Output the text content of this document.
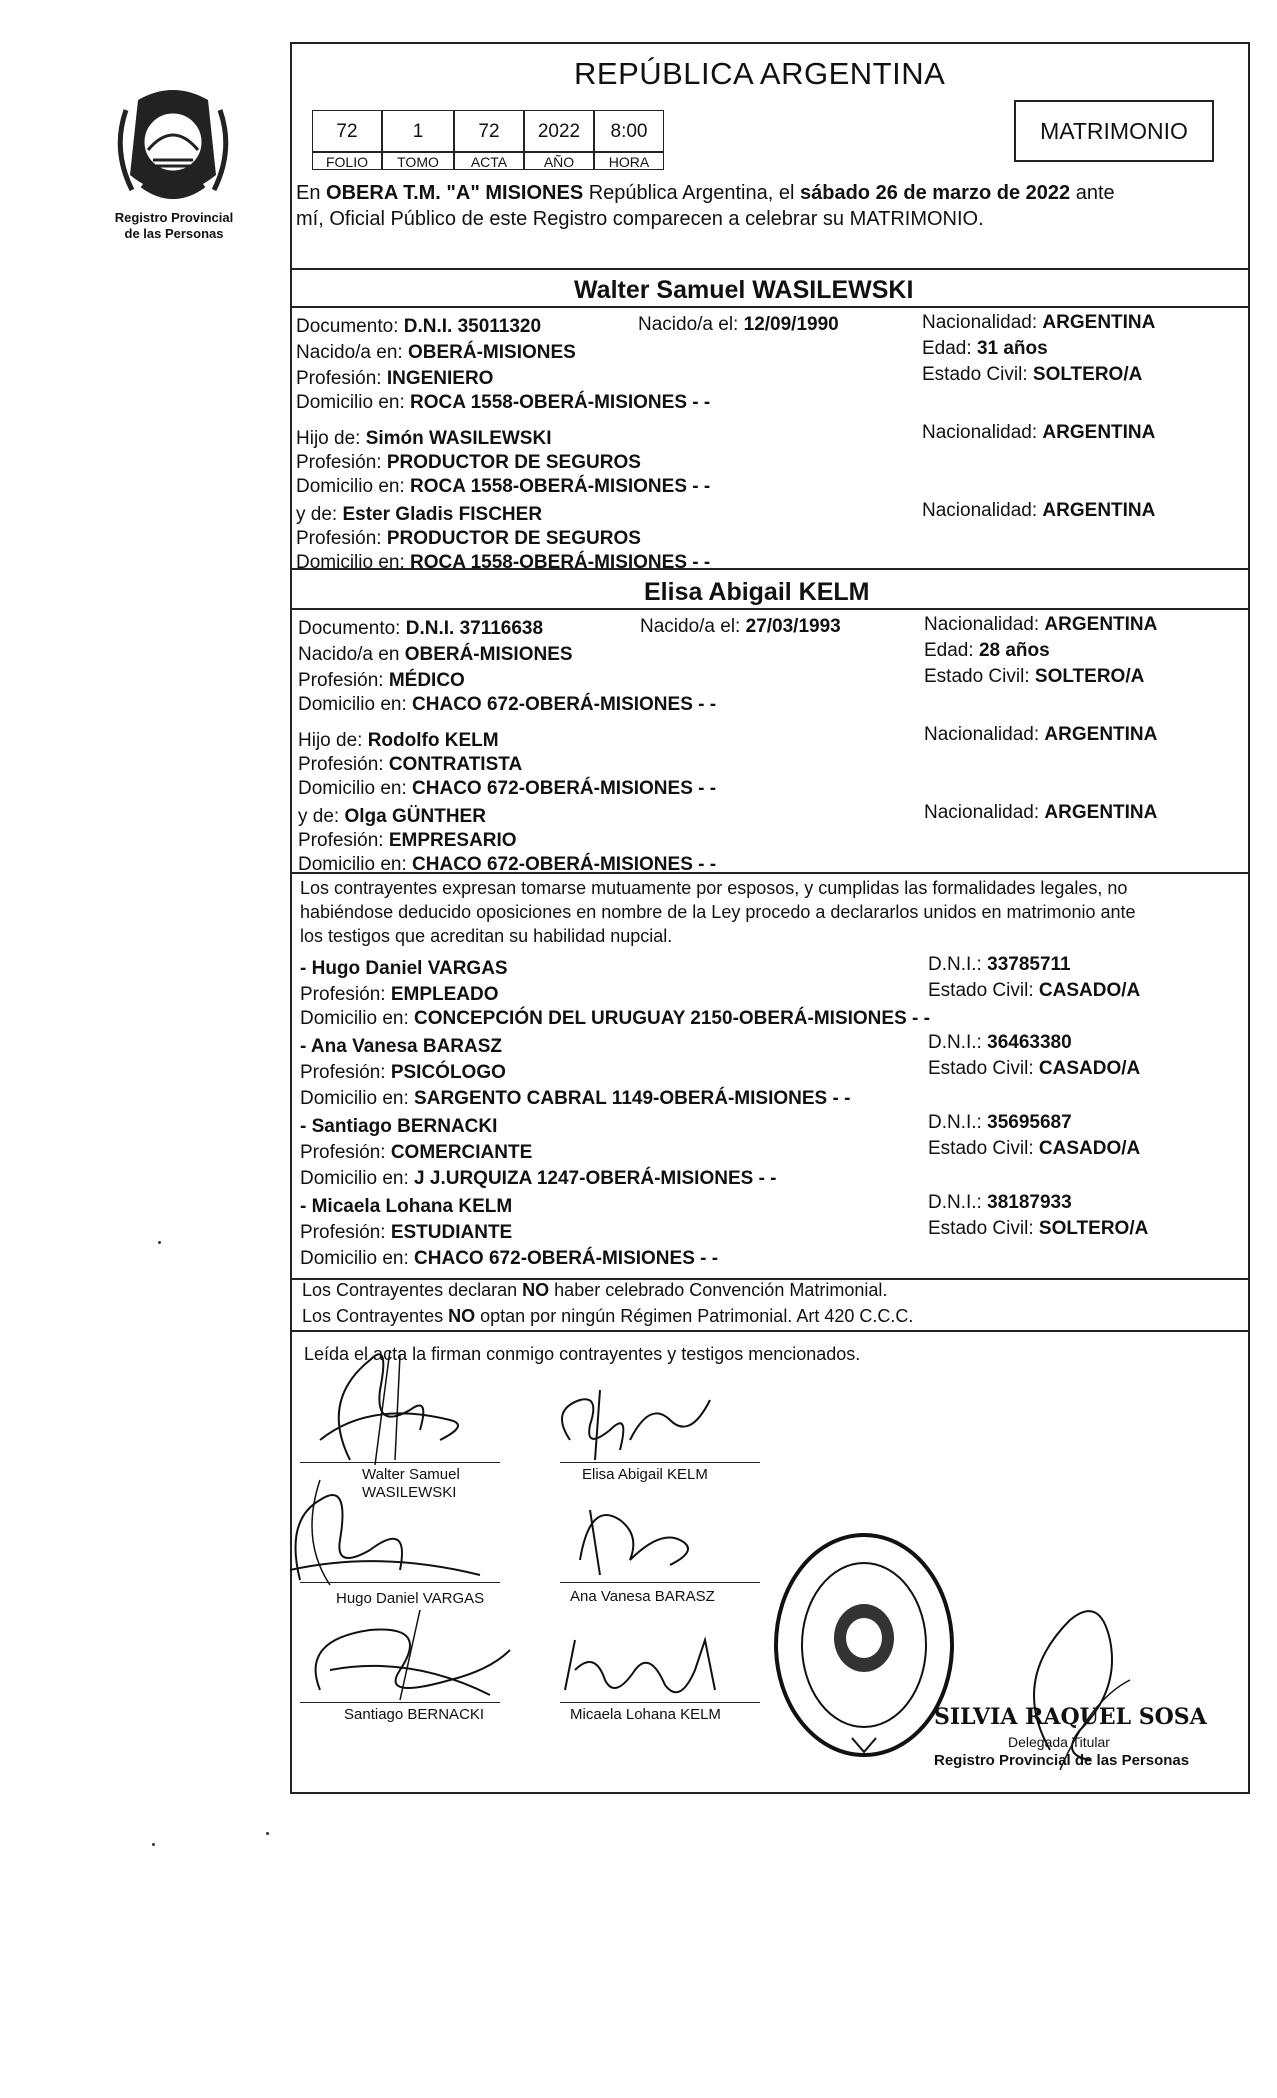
Registro Provincial
de las Personas
REPÚBLICA ARGENTINA
72	1	72	2022	8:00
FOLIO	TOMO	ACTA	AÑO	HORA
MATRIMONIO
En OBERA T.M. "A" MISIONES República Argentina, el sábado 26 de marzo de 2022 ante
mí, Oficial Público de este Registro comparecen a celebrar su MATRIMONIO.
Walter Samuel WASILEWSKI
Documento: D.N.I. 35011320	Nacido/a el: 12/09/1990	Nacionalidad: ARGENTINA
Nacido/a en: OBERÁ-MISIONES	Edad: 31 años
Profesión: INGENIERO	Estado Civil: SOLTERO/A
Domicilio en: ROCA 1558-OBERÁ-MISIONES - -
Hijo de: Simón WASILEWSKI	Nacionalidad: ARGENTINA
Profesión: PRODUCTOR DE SEGUROS
Domicilio en: ROCA 1558-OBERÁ-MISIONES - -
y de: Ester Gladis FISCHER	Nacionalidad: ARGENTINA
Profesión: PRODUCTOR DE SEGUROS
Domicilio en: ROCA 1558-OBERÁ-MISIONES - -
Elisa Abigail KELM
Documento: D.N.I. 37116638	Nacido/a el: 27/03/1993	Nacionalidad: ARGENTINA
Nacido/a en OBERÁ-MISIONES	Edad: 28 años
Profesión: MÉDICO	Estado Civil: SOLTERO/A
Domicilio en: CHACO 672-OBERÁ-MISIONES - -
Hijo de: Rodolfo KELM	Nacionalidad: ARGENTINA
Profesión: CONTRATISTA
Domicilio en: CHACO 672-OBERÁ-MISIONES - -
y de: Olga GÜNTHER	Nacionalidad: ARGENTINA
Profesión: EMPRESARIO
Domicilio en: CHACO 672-OBERÁ-MISIONES - -
Los contrayentes expresan tomarse mutuamente por esposos, y cumplidas las formalidades legales, no
habiéndose deducido oposiciones en nombre de la Ley procedo a declararlos unidos en matrimonio ante
los testigos que acreditan su habilidad nupcial.
- Hugo Daniel VARGAS	D.N.I.: 33785711
Profesión: EMPLEADO	Estado Civil: CASADO/A
Domicilio en: CONCEPCIÓN DEL URUGUAY 2150-OBERÁ-MISIONES - -
- Ana Vanesa BARASZ	D.N.I.: 36463380
Profesión: PSICÓLOGO	Estado Civil: CASADO/A
Domicilio en: SARGENTO CABRAL 1149-OBERÁ-MISIONES - -
- Santiago BERNACKI	D.N.I.: 35695687
Profesión: COMERCIANTE	Estado Civil: CASADO/A
Domicilio en: J J.URQUIZA 1247-OBERÁ-MISIONES - -
- Micaela Lohana KELM	D.N.I.: 38187933
Profesión: ESTUDIANTE	Estado Civil: SOLTERO/A
Domicilio en: CHACO 672-OBERÁ-MISIONES - -
Los Contrayentes declaran NO haber celebrado Convención Matrimonial.
Los Contrayentes NO optan por ningún Régimen Patrimonial. Art 420 C.C.C.
Leída el acta la firman conmigo contrayentes y testigos mencionados.
Walter Samuel
WASILEWSKI
Elisa Abigail KELM
Hugo Daniel VARGAS	Ana Vanesa BARASZ
Santiago BERNACKI	Micaela Lohana KELM	SILVIA RAQUEL SOSA
Delegada Titular
Registro Provincial de las Personas
